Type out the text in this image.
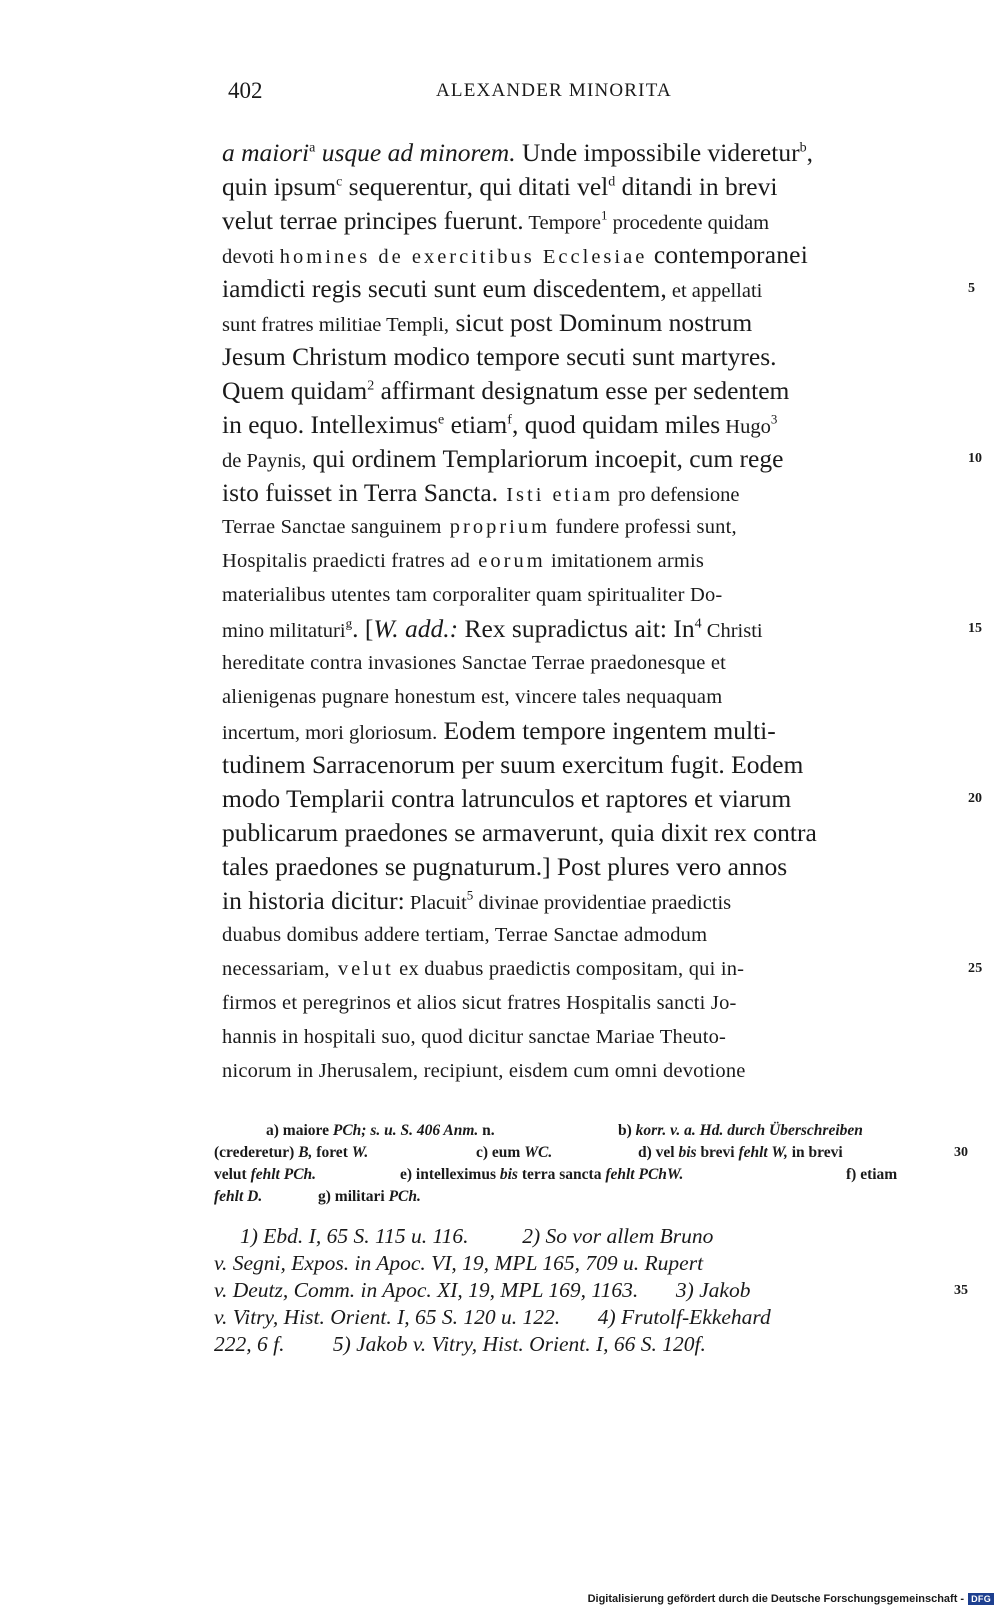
402	ALEXANDER MINORITA
a maiori$^a$ usque ad minorem. Unde impossibile videretur$^b$,
quin ipsum$^c$ sequerentur, qui ditati vel$^d$ ditandi in brevi
velut terrae principes fuerunt. Tempore$^1$ procedente quidam
devoti homines de exercitibus Ecclesiae contemporanei
iamdicti regis secuti sunt eum discedentem, et appellati	5
sunt fratres militiae Templi, sicut post Dominum nostrum
Jesum Christum modico tempore secuti sunt martyres.
Quem quidam$^2$ affirmant designatum esse per sedentem
in equo. Intelleximus$^e$ etiam$^f$, quod quidam miles Hugo$^3$
de Paynis, qui ordinem Templariorum incoepit, cum rege	10
isto fuisset in Terra Sancta. Isti etiam pro defensione
Terrae Sanctae sanguinem proprium fundere professi sunt,
Hospitalis praedicti fratres ad eorum imitationem armis
materialibus utentes tam corporaliter quam spiritualiter Do-
mino militaturi$^g$. [W. add.: Rex supradictus ait: In$^4$ Christi	15
hereditate contra invasiones Sanctae Terrae praedonesque et
alienigenas pugnare honestum est, vincere tales nequaquam
incertum, mori gloriosum. Eodem tempore ingentem multi-
tudinem Sarracenorum per suum exercitum fugit. Eodem
modo Templarii contra latrunculos et raptores et viarum	20
publicarum praedones se armaverunt, quia dixit rex contra
tales praedones se pugnaturum.] Post plures vero annos
in historia dicitur: Placuit$^5$ divinae providentiae praedictis
duabus domibus addere tertiam, Terrae Sanctae admodum
necessariam, velut ex duabus praedictis compositam, qui in-	25
firmos et peregrinos et alios sicut fratres Hospitalis sancti Jo-
hannis in hospitali suo, quod dicitur sanctae Mariae Theuto-
nicorum in Jherusalem, recipiunt, eisdem cum omni devotione
a) maiore PCh; s. u. S. 406 Anm. n.	b) korr. v. a. Hd. durch Überschreiben
(crederetur) B, foret W.	c) eum WC.	d) vel bis brevi fehlt W, in brevi	30
velut fehlt PCh.	e) intelleximus bis terra sancta fehlt PChW.	f) etiam
fehlt D.	g) militari PCh.
1) Ebd. I, 65 S. 115 u. 116.          2) So vor allem Bruno
v. Segni, Expos. in Apoc. VI, 19, MPL 165, 709 u. Rupert
v. Deutz, Comm. in Apoc. XI, 19, MPL 169, 1163.       3) Jakob	35
v. Vitry, Hist. Orient. I, 65 S. 120 u. 122.       4) Frutolf-Ekkehard
222, 6 f.         5) Jakob v. Vitry, Hist. Orient. I, 66 S. 120f.
Digitalisierung gefördert durch die Deutsche Forschungsgemeinschaft - DFG
